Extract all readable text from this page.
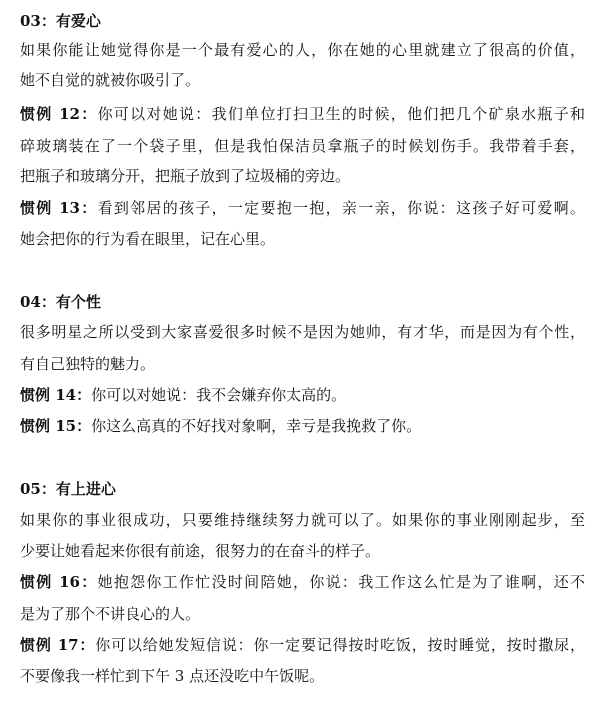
03：有爱心
如果你能让她觉得你是一个最有爱心的人，你在她的心里就建立了很高的价值，
她不自觉的就被你吸引了。
惯例 12：你可以对她说：我们单位打扫卫生的时候，他们把几个矿泉水瓶子和
碎玻璃装在了一个袋子里，但是我怕保洁员拿瓶子的时候划伤手。我带着手套，
把瓶子和玻璃分开，把瓶子放到了垃圾桶的旁边。
惯例 13：看到邻居的孩子，一定要抱一抱，亲一亲，你说：这孩子好可爱啊。
她会把你的行为看在眼里，记在心里。
04：有个性
很多明星之所以受到大家喜爱很多时候不是因为她帅，有才华，而是因为有个性，
有自己独特的魅力。
惯例 14：你可以对她说：我不会嫌弃你太高的。
惯例 15：你这么高真的不好找对象啊，幸亏是我挽救了你。
05：有上进心
如果你的事业很成功，只要维持继续努力就可以了。如果你的事业刚刚起步，至
少要让她看起来你很有前途，很努力的在奋斗的样子。
惯例 16：她抱怨你工作忙没时间陪她，你说：我工作这么忙是为了谁啊，还不
是为了那个不讲良心的人。
惯例 17：你可以给她发短信说：你一定要记得按时吃饭，按时睡觉，按时撒尿，
不要像我一样忙到下午 3 点还没吃中午饭呢。
